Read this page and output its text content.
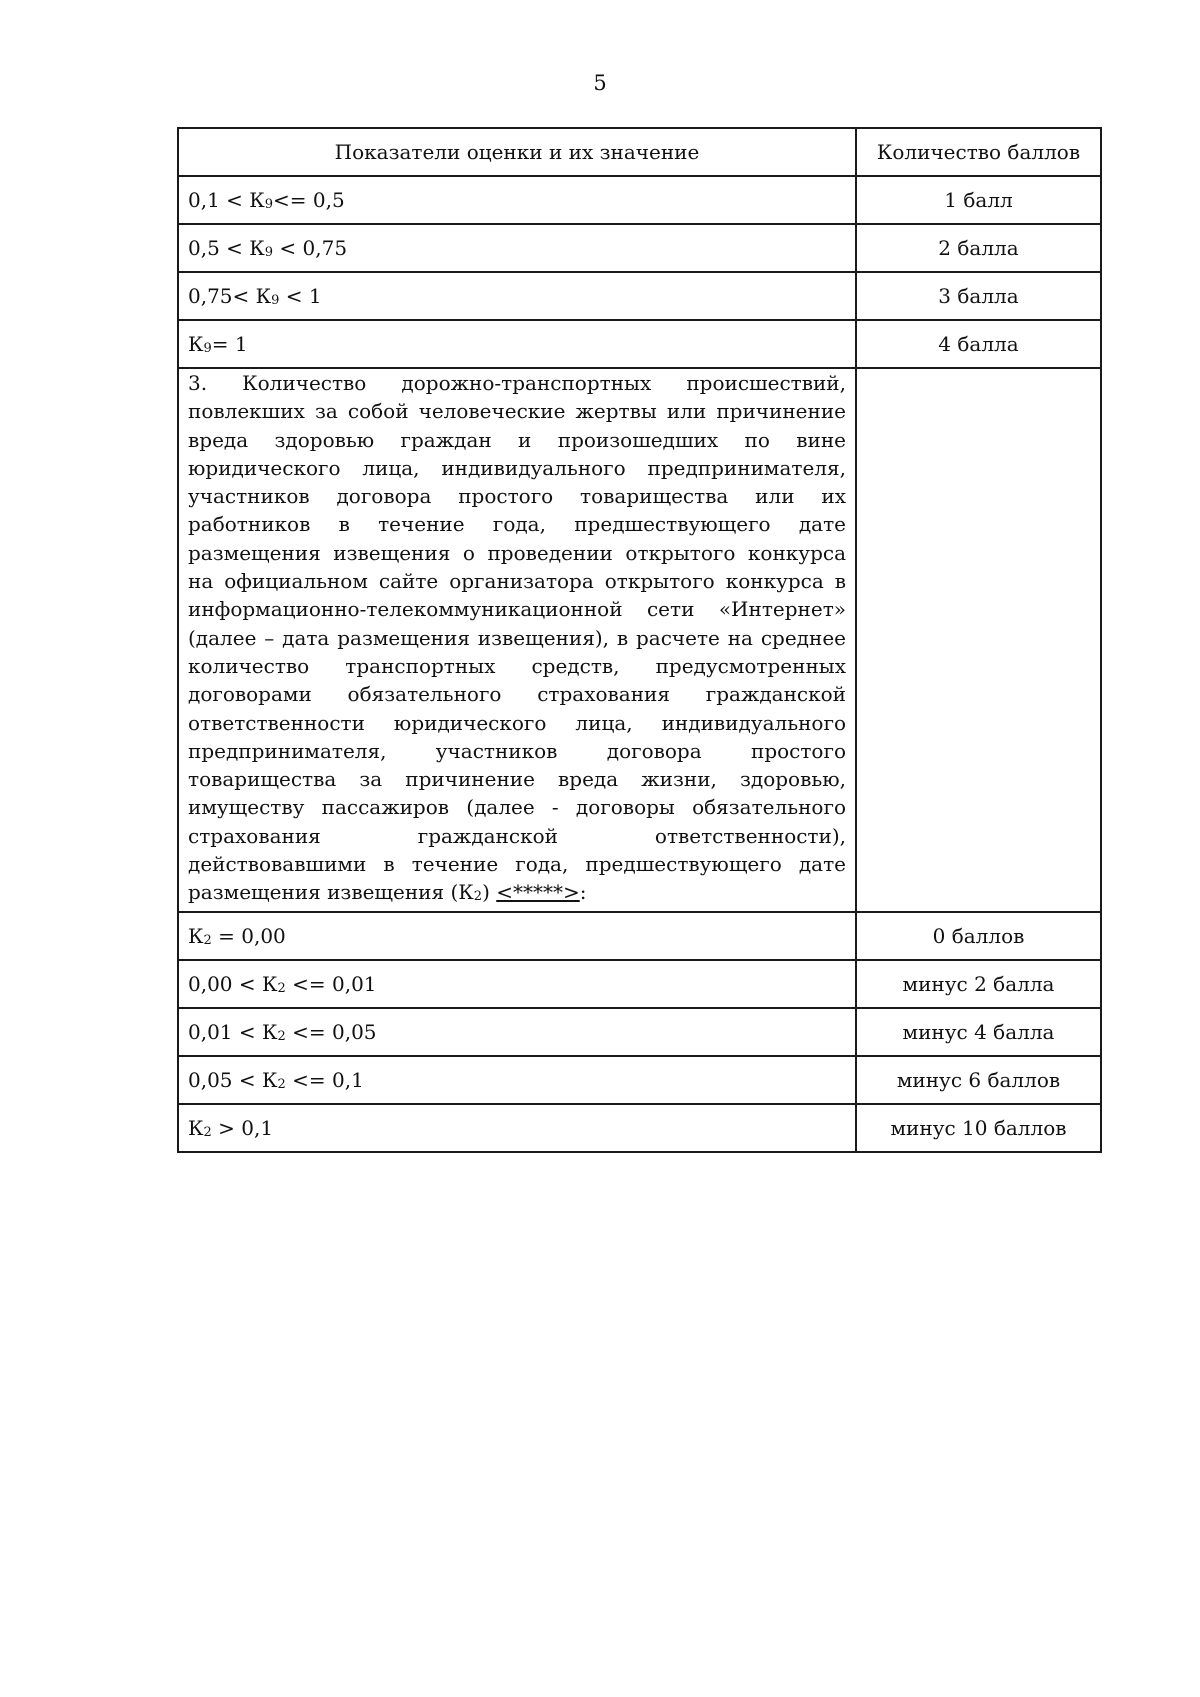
5
Показатели оценки и их значение	Количество баллов
$0,1 < К_9<= 0,5$	1 балл
$0,5 < К_9 < 0,75$	2 балла
$0,75< К_9 < 1$	3 балла
$К_9= 1$	4 балла
3. Количество дорожно-транспортных происшествий, повлекших за собой человеческие жертвы или причинение вреда здоровью граждан и произошедших по вине юридического лица, индивидуального предпринимателя, участников договора простого товарищества или их работников в течение года, предшествующего дате размещения извещения о проведении открытого конкурса на официальном сайте организатора открытого конкурса в информационно-телекоммуникационной сети «Интернет» (далее – дата размещения извещения), в расчете на среднее количество транспортных средств, предусмотренных договорами обязательного страхования гражданской ответственности юридического лица, индивидуального предпринимателя, участников договора простого товарищества за причинение вреда жизни, здоровью, имуществу пассажиров (далее - договоры обязательного страхования гражданской ответственности), действовавшими в течение года, предшествующего дате размещения извещения $(К_2)$ <*****>:	
$К_2 = 0,00$	0 баллов
$0,00 < К_2 <= 0,01$	минус 2 балла
$0,01 < К_2 <= 0,05$	минус 4 балла
$0,05 < К_2 <= 0,1$	минус 6 баллов
$К_2 > 0,1$	минус 10 баллов
